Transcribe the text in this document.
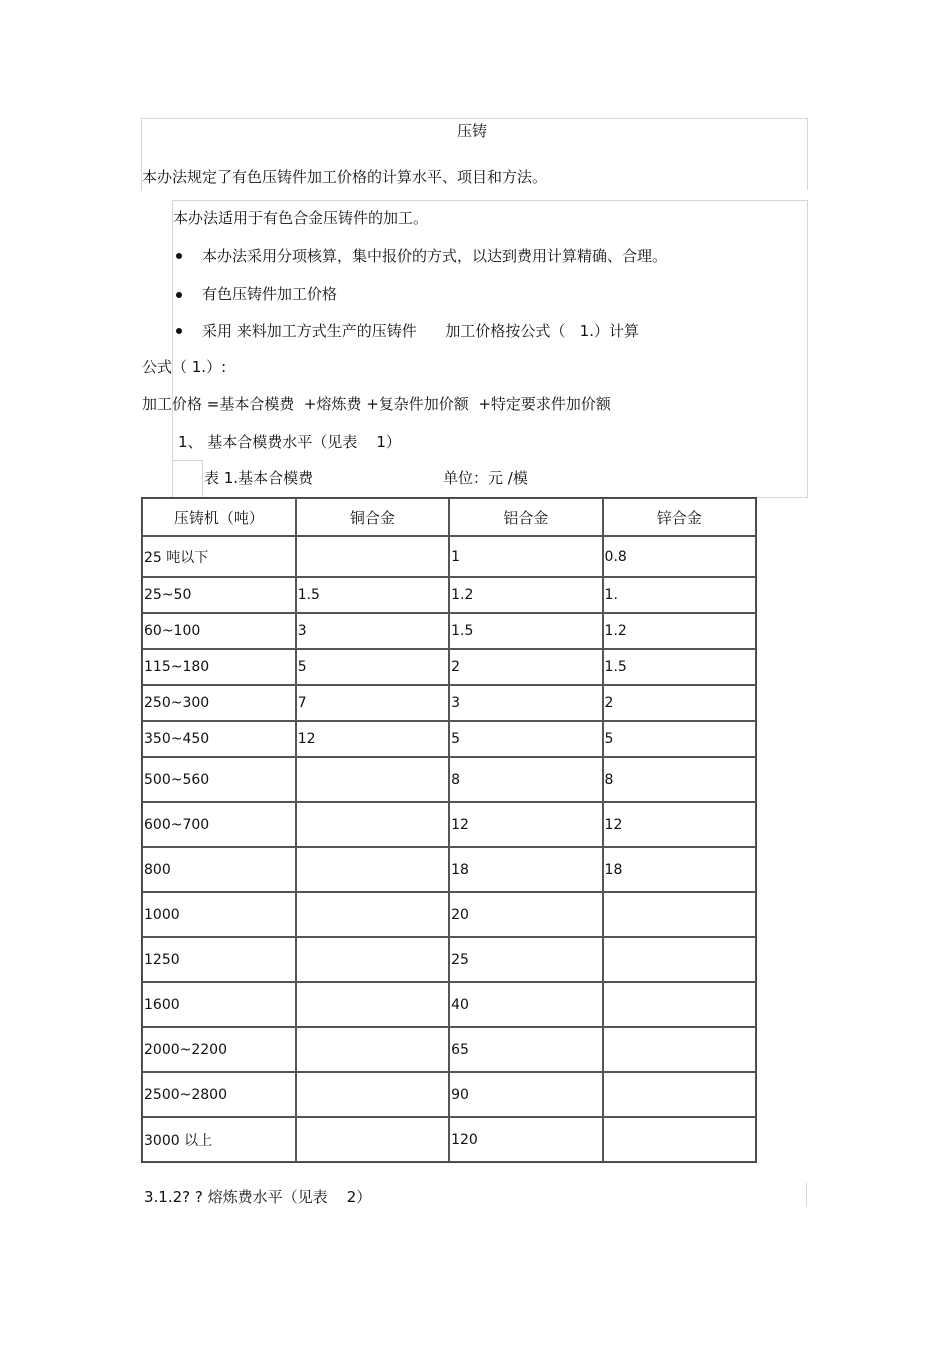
压铸
本办法规定了有色压铸件加工价格的计算水平、项目和方法。
本办法适用于有色合金压铸件的加工。
本办法采用分项核算，集中报价的方式，以达到费用计算精确、合理。
有色压铸件加工价格
采用 来料加工方式生产的压铸件      加工价格按公式（   1.）计算
公式（ 1.）:
加工价格 =基本合模费  +熔炼费 +复杂件加价额  +特定要求件加价额
1、 基本合模费水平（见表    1）
表 1.基本合模费	单位：元 /模
压铸机（吨）	铜合金	铝合金	锌合金
25 吨以下		1	0.8
25~50	1.5	1.2	1.
60~100	3	1.5	1.2
115~180	5	2	1.5
250~300	7	3	2
350~450	12	5	5
500~560		8	8
600~700		12	12
800		18	18
1000		20	
1250		25	
1600		40	
2000~2200		65	
2500~2800		90	
3000 以上		120	
3.1.2? ? 熔炼费水平（见表    2）
